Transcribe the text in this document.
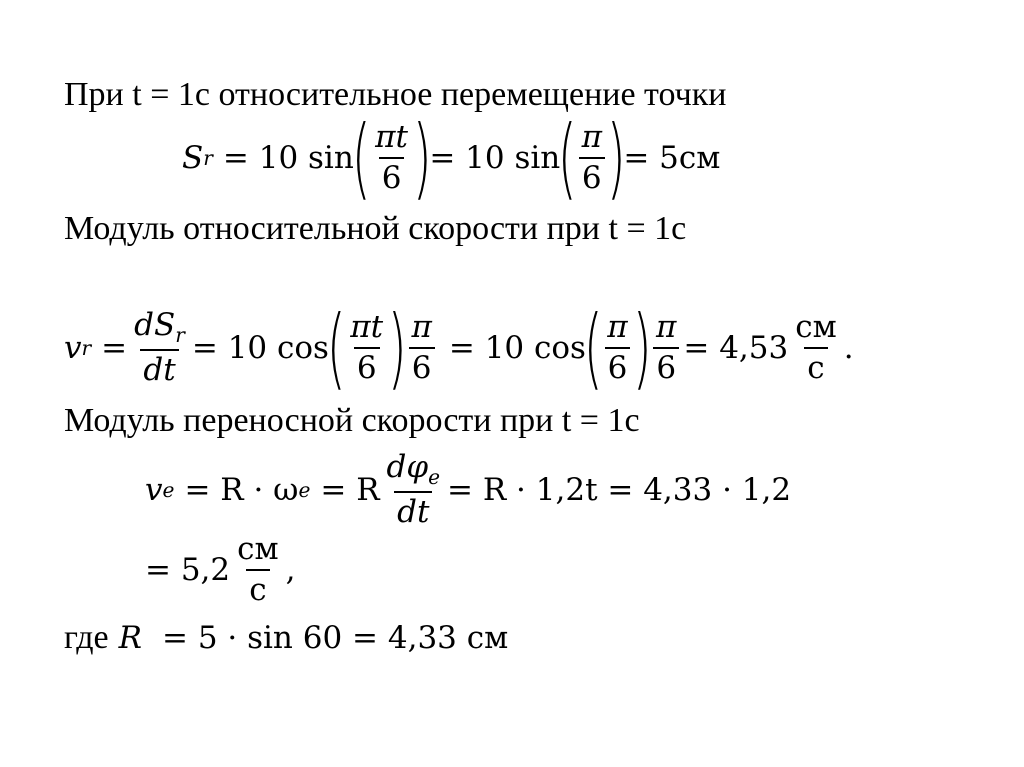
При t = 1с относительное перемещение точки
S r = 10 sin
( $\frac{\pi t}{6}$ )
= 10 sin
( $\frac{\pi}{6}$ )
= 5см
Модуль относительной скорости при t = 1с
v $r = \frac{dS_r}{dt} = 10$ cos
( $\frac{\pi t}{6}$ ) $\frac{\pi}{6} = 10$ cos
( $\frac{\pi}{6}$ ) $\frac{\pi}{6} = 4,53 \frac{см}{с}$ .
Модуль переносной скорости при t = 1с
v e = R · ω e = R $\frac{d\varphi_e}{dt} = R \cdot 1,2t = 4,33 \cdot 1,2$
= $5,2 \frac{см}{с}$ ,
где R = 5 · sin 60 = 4,33 см
